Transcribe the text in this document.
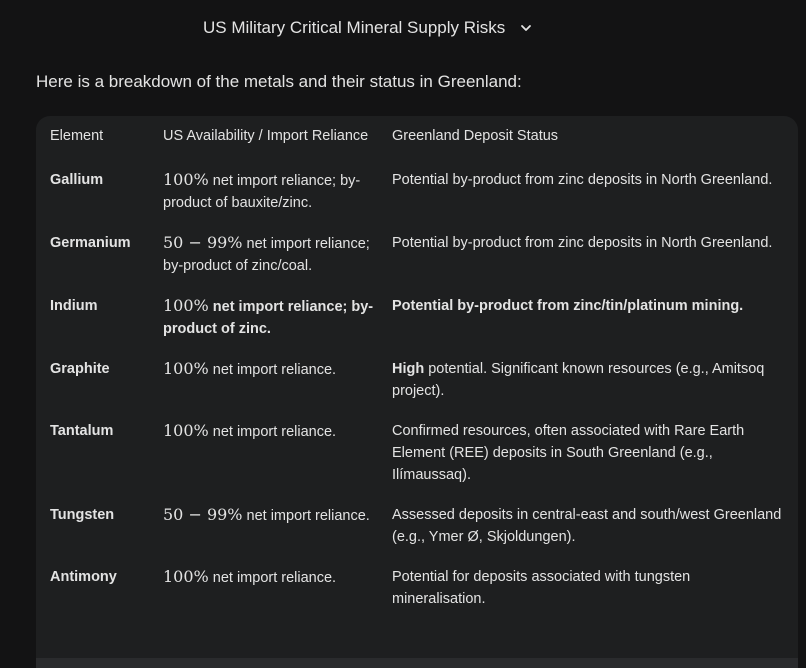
US Military Critical Mineral Supply Risks
Here is a breakdown of the metals and their status in Greenland:
Element	US Availability / Import Reliance	Greenland Deposit Status
Gallium	100% net import reliance; by-product of bauxite/zinc.	Potential by-product from zinc deposits in North Greenland.
Germanium	50 − 99% net import reliance; by-product of zinc/coal.	Potential by-product from zinc deposits in North Greenland.
Indium	100% net import reliance; by-product of zinc.	Potential by-product from zinc/tin/platinum mining.
Graphite	100% net import reliance.	High potential. Significant known resources (e.g., Amitsoq project).
Tantalum	100% net import reliance.	Confirmed resources, often associated with Rare Earth Element (REE) deposits in South Greenland (e.g., Ilímaussaq).
Tungsten	50 − 99% net import reliance.	Assessed deposits in central-east and south/west Greenland (e.g., Ymer Ø, Skjoldungen).
Antimony	100% net import reliance.	Potential for deposits associated with tungsten mineralisation.
